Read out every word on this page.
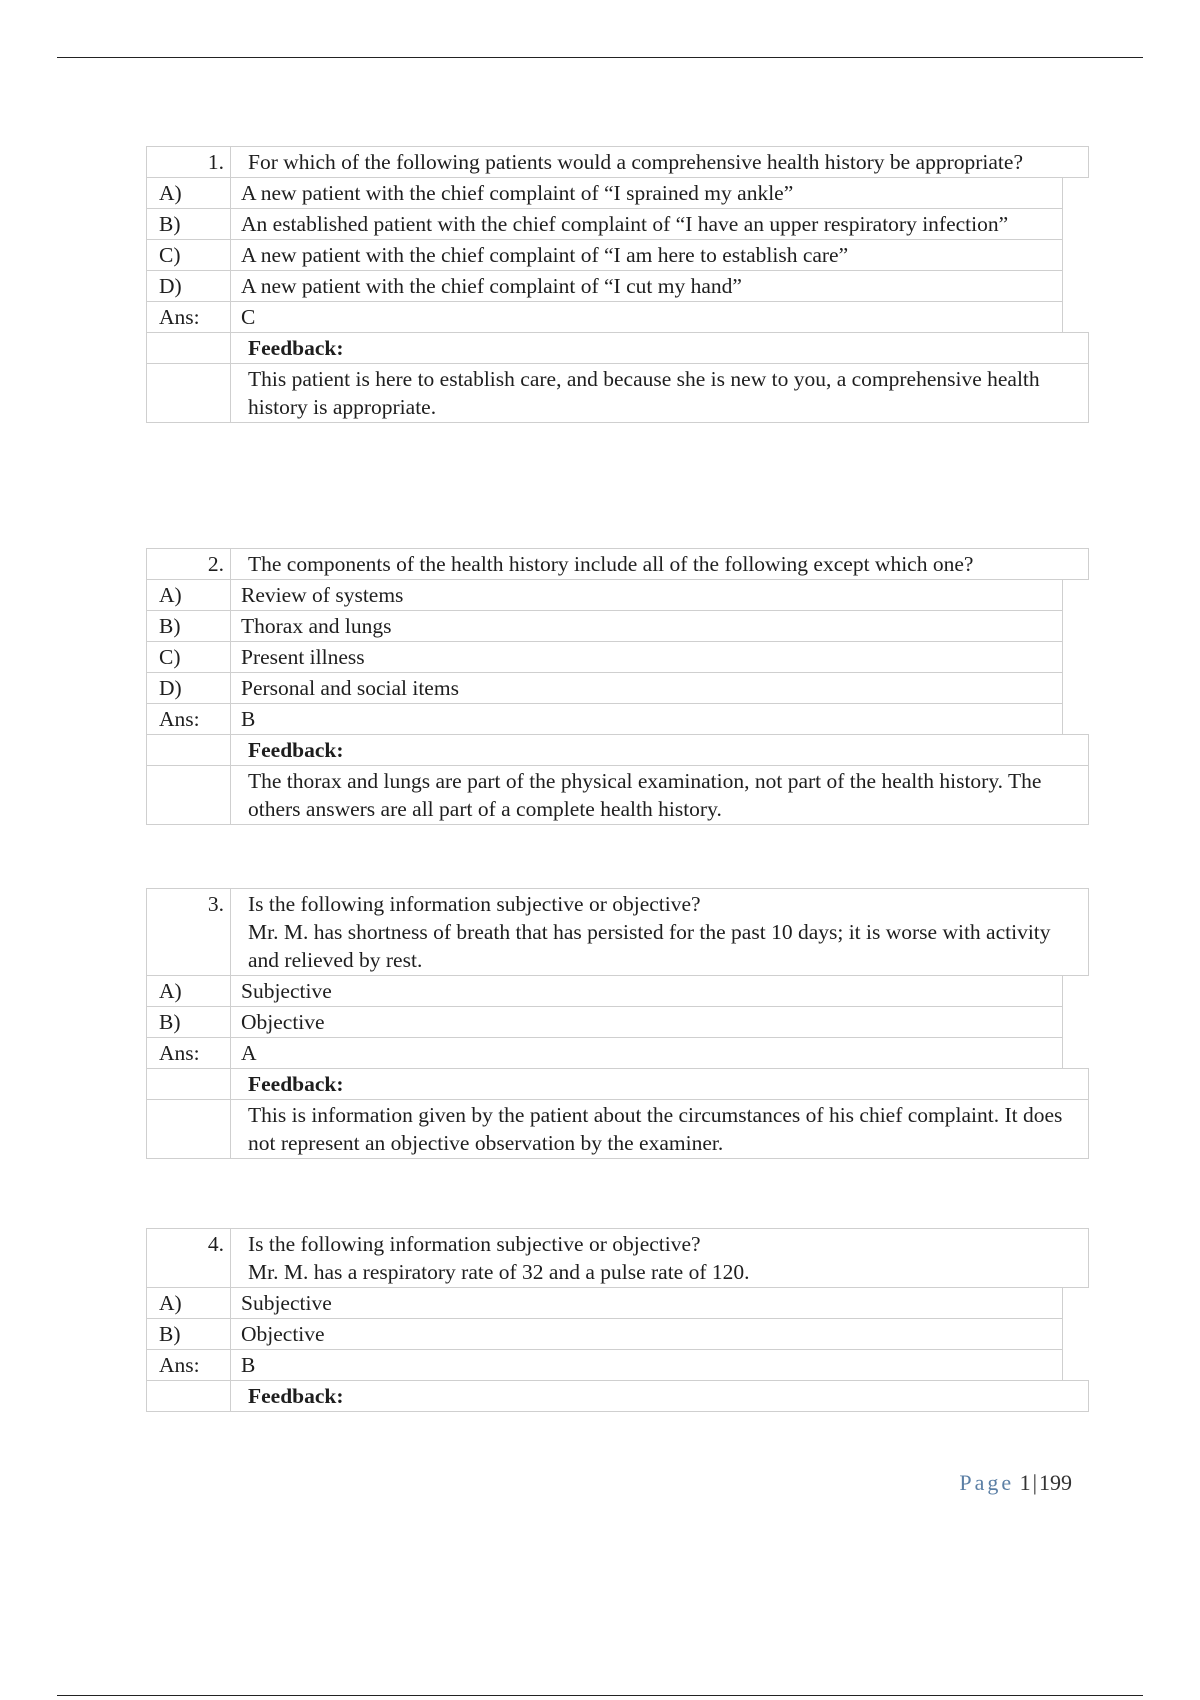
1.	For which of the following patients would a comprehensive health history be appropriate?	
A)	A new patient with the chief complaint of “I sprained my ankle”	
B)	An established patient with the chief complaint of “I have an upper respiratory infection”	
C)	A new patient with the chief complaint of “I am here to establish care”	
D)	A new patient with the chief complaint of “I cut my hand”	
Ans:	C	
	Feedback:	
	This patient is here to establish care, and because she is new to you, a comprehensive health history is appropriate.	
2.	The components of the health history include all of the following except which one?	
A)	Review of systems	
B)	Thorax and lungs	
C)	Present illness	
D)	Personal and social items	
Ans:	B	
	Feedback:	
	The thorax and lungs are part of the physical examination, not part of the health history. The others answers are all part of a complete health history.	
3.	Is the following information subjective or objective?
Mr. M. has shortness of breath that has persisted for the past 10 days; it is worse with activity and relieved by rest.	

A)	Subjective	
B)	Objective	
Ans:	A	
	Feedback:	
	This is information given by the patient about the circumstances of his chief complaint. It does not represent an objective observation by the examiner.	
4.	Is the following information subjective or objective?
Mr. M. has a respiratory rate of 32 and a pulse rate of 120.	

A)	Subjective	
B)	Objective	
Ans:	B	
	Feedback:	
Page 1|199
